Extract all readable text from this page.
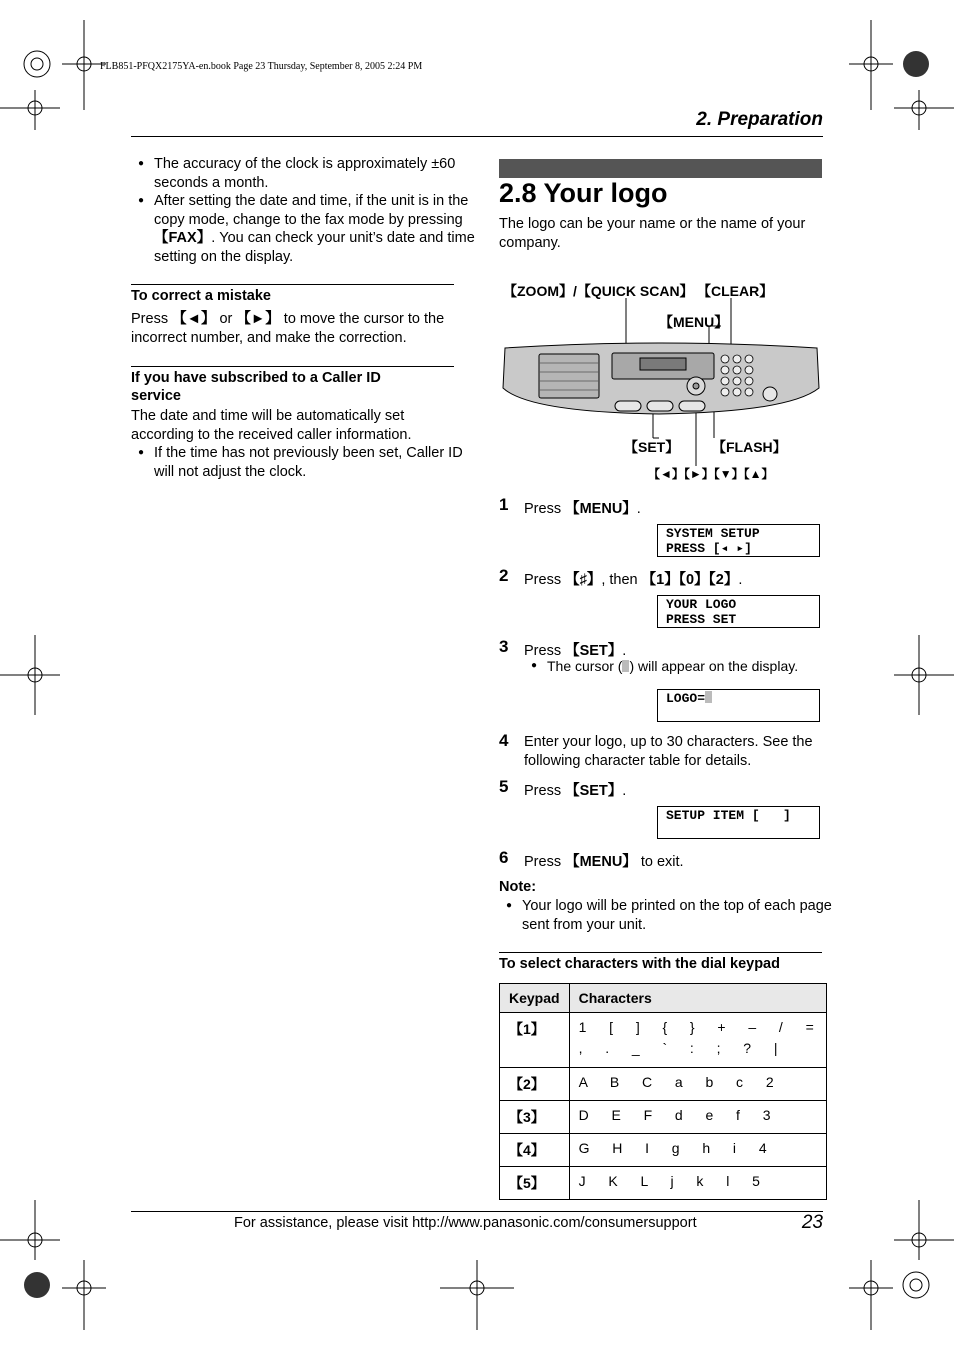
FLB851-PFQX2175YA-en.book Page 23 Thursday, September 8, 2005 2:24 PM
2. Preparation
● The accuracy of the clock is approximately ±60 seconds a month.
● After setting the date and time, if the unit is in the copy mode, change to the fax mode by pressing 【FAX】. You can check your unit’s date and time setting on the display.
To correct a mistake
Press 【◄】 or 【►】 to move the cursor to the incorrect number, and make the correction.
If you have subscribed to a Caller ID service
The date and time will be automatically set according to the received caller information.
● If the time has not previously been set, Caller ID will not adjust the clock.
2.8 Your logo
The logo can be your name or the name of your company.
【ZOOM】/【QUICK SCAN】 【CLEAR】
【MENU】
【SET】 【FLASH】
【◄】【►】【▼】【▲】
1 Press 【MENU】.
SYSTEM SETUP
PRESS [◂ ▸]
2 Press 【♯】, then 【1】【0】【2】.
YOUR LOGO
PRESS SET
3 Press 【SET】.
● The cursor ( ) will appear on the display.
LOGO=
4 Enter your logo, up to 30 characters. See the following character table for details.
5 Press 【SET】.
SETUP ITEM [   ]
6 Press 【MENU】 to exit.
Note:
● Your logo will be printed on the top of each page sent from your unit.
To select characters with the dial keypad
Keypad	Characters
【1】	1  [  ]  {  }  +  –  /  =
,  .  _  `  :  ;  ?  |

【2】	A  B  C  a  b  c  2
【3】	D  E  F  d  e  f  3
【4】	G  H  I  g  h  i  4
【5】	J  K  L  j  k  l  5
For assistance, please visit http://www.panasonic.com/consumersupport	23
